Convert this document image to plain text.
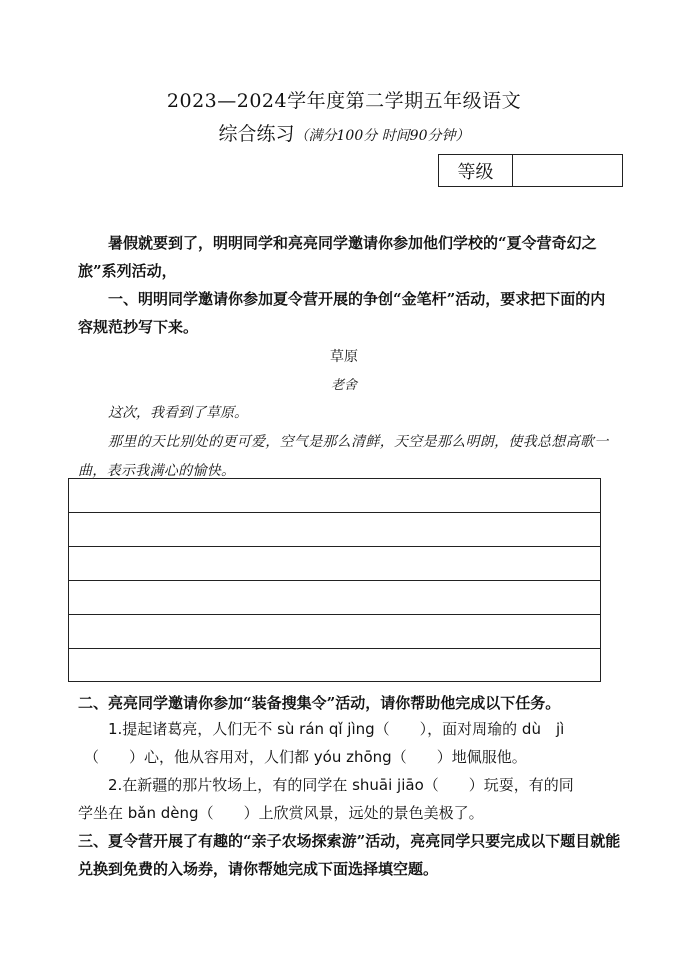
2023—2024学年度第二学期五年级语文
综合练习（满分100分 时间90分钟）
等级
暑假就要到了，明明同学和亮亮同学邀请你参加他们学校的“夏令营奇幻之旅”系列活动，
一、明明同学邀请你参加夏令营开展的争创“金笔杆”活动，要求把下面的内容规范抄写下来。
草原
老舍
这次，我看到了草原。
那里的天比别处的更可爱，空气是那么清鲜，天空是那么明朗，使我总想高歌一曲，表示我满心的愉快。
二、亮亮同学邀请你参加“装备搜集令”活动，请你帮助他完成以下任务。
1.提起诸葛亮，人们无不 sù rán qǐ jìng（　　），面对周瑜的 dù　jì
（　　）心，他从容用对，人们都 yóu zhōng（　　）地佩服他。
2.在新疆的那片牧场上，有的同学在 shuāi jiāo（　　）玩耍，有的同
学坐在 bǎn dèng（　　）上欣赏风景，远处的景色美极了。
三、夏令营开展了有趣的“亲子农场探索游”活动，亮亮同学只要完成以下题目就能兑换到免费的入场券，请你帮她完成下面选择填空题。
